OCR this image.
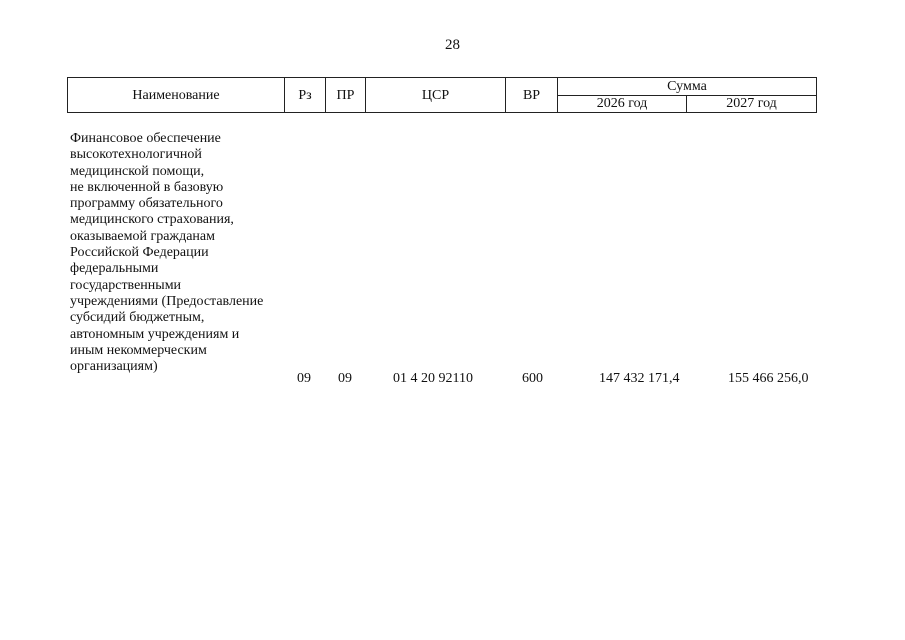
28
Наименование	Рз	ПР	ЦСР	ВР	Сумма	
					2026 год	2027 год

Финансовое обеспечение
высокотехнологичной
медицинской помощи,
не включенной в базовую
программу обязательного
медицинского страхования,
оказываемой гражданам
Российской Федерации
федеральными
государственными
учреждениями (Предоставление
субсидий бюджетным,
автономным учреждениям и
иным некоммерческим
организациям)

09 09	01 4 20 92110	600	147 432 171,4	155 466 256,0
